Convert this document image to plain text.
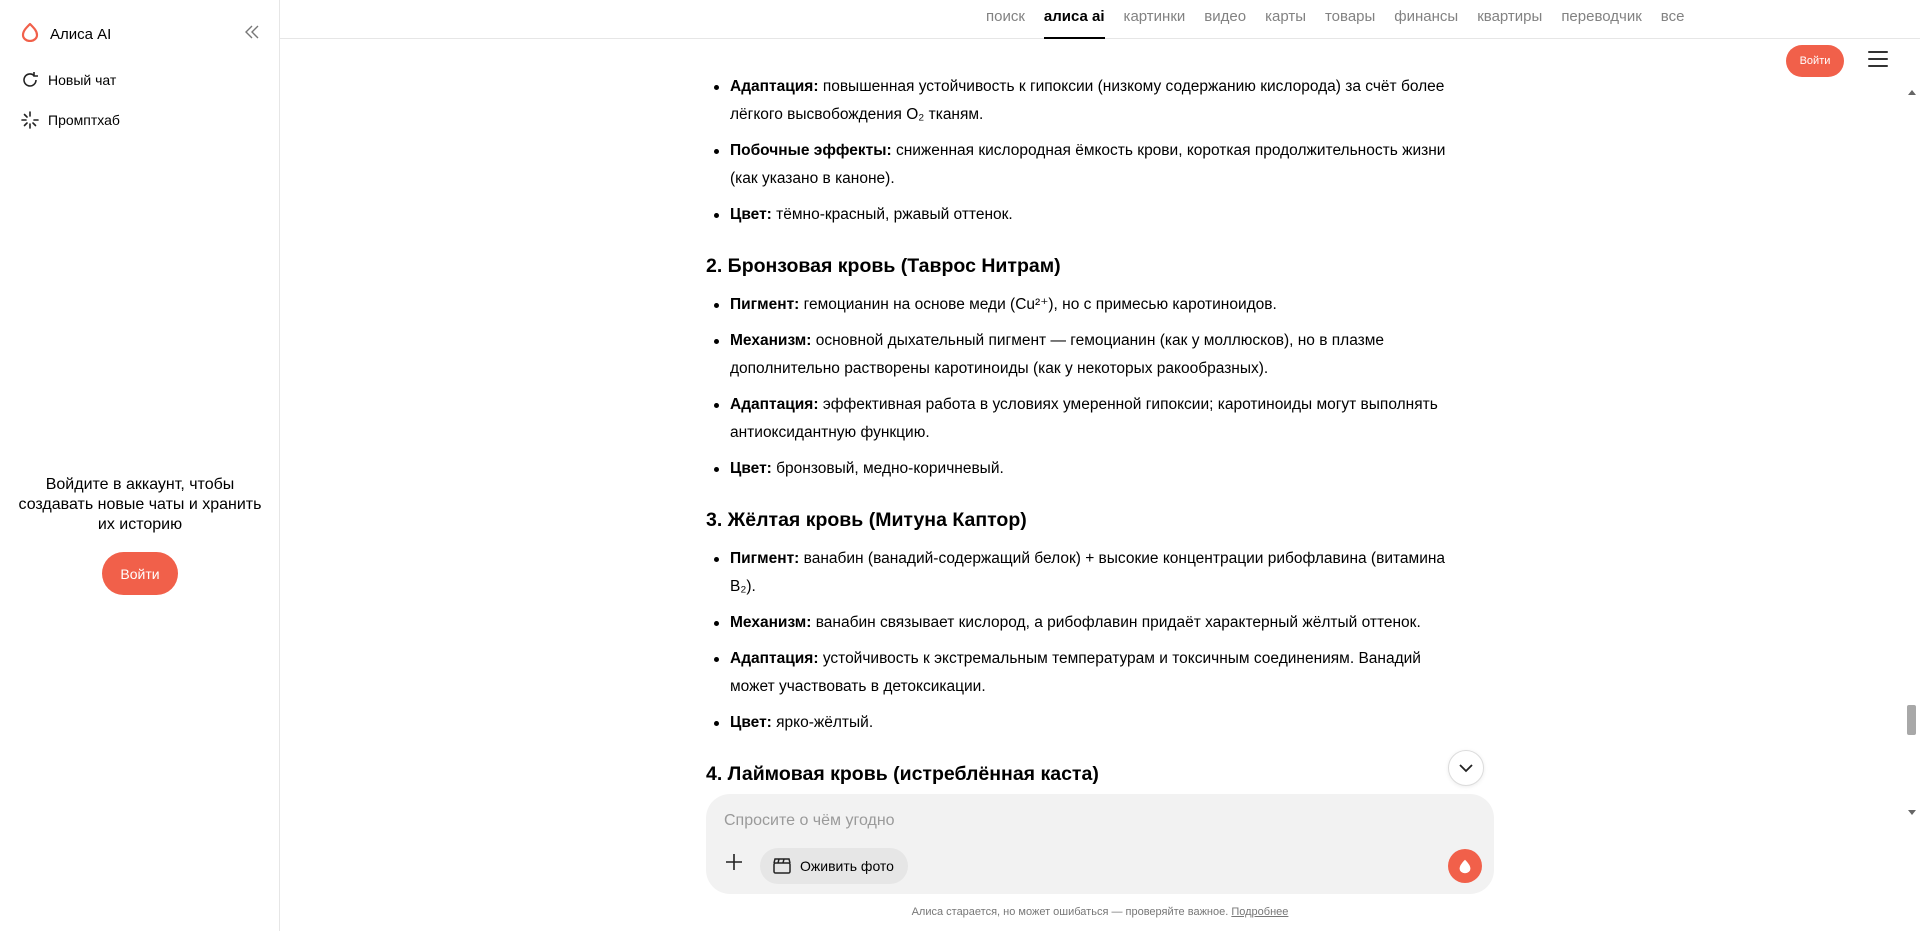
Алиса AI
Новый чат
Промптхаб
Войдите в аккаунт, чтобы создавать новые чаты и хранить их историю
Войти
поиск алиса ai картинки видео карты товары финансы квартиры переводчик все
Войти
Адаптация: повышенная устойчивость к гипоксии (низкому содержанию кислорода) за счёт более лёгкого высвобождения O₂ тканям.
Побочные эффекты: сниженная кислородная ёмкость крови, короткая продолжительность жизни (как указано в каноне).
Цвет: тёмно-красный, ржавый оттенок.
2. Бронзовая кровь (Таврос Нитрам)
Пигмент: гемоцианин на основе меди (Cu²⁺), но с примесью каротиноидов.
Механизм: основной дыхательный пигмент — гемоцианин (как у моллюсков), но в плазме дополнительно растворены каротиноиды (как у некоторых ракообразных).
Адаптация: эффективная работа в условиях умеренной гипоксии; каротиноиды могут выполнять антиоксидантную функцию.
Цвет: бронзовый, медно-коричневый.
3. Жёлтая кровь (Митуна Каптор)
Пигмент: ванабин (ванадий-содержащий белок) + высокие концентрации рибофлавина (витамина B₂).
Механизм: ванабин связывает кислород, а рибофлавин придаёт характерный жёлтый оттенок.
Адаптация: устойчивость к экстремальным температурам и токсичным соединениям. Ванадий может участвовать в детоксикации.
Цвет: ярко-жёлтый.
4. Лаймовая кровь (истреблённая каста)
Спросите о чём угодно
Оживить фото
Алиса старается, но может ошибаться — проверяйте важное. Подробнее
